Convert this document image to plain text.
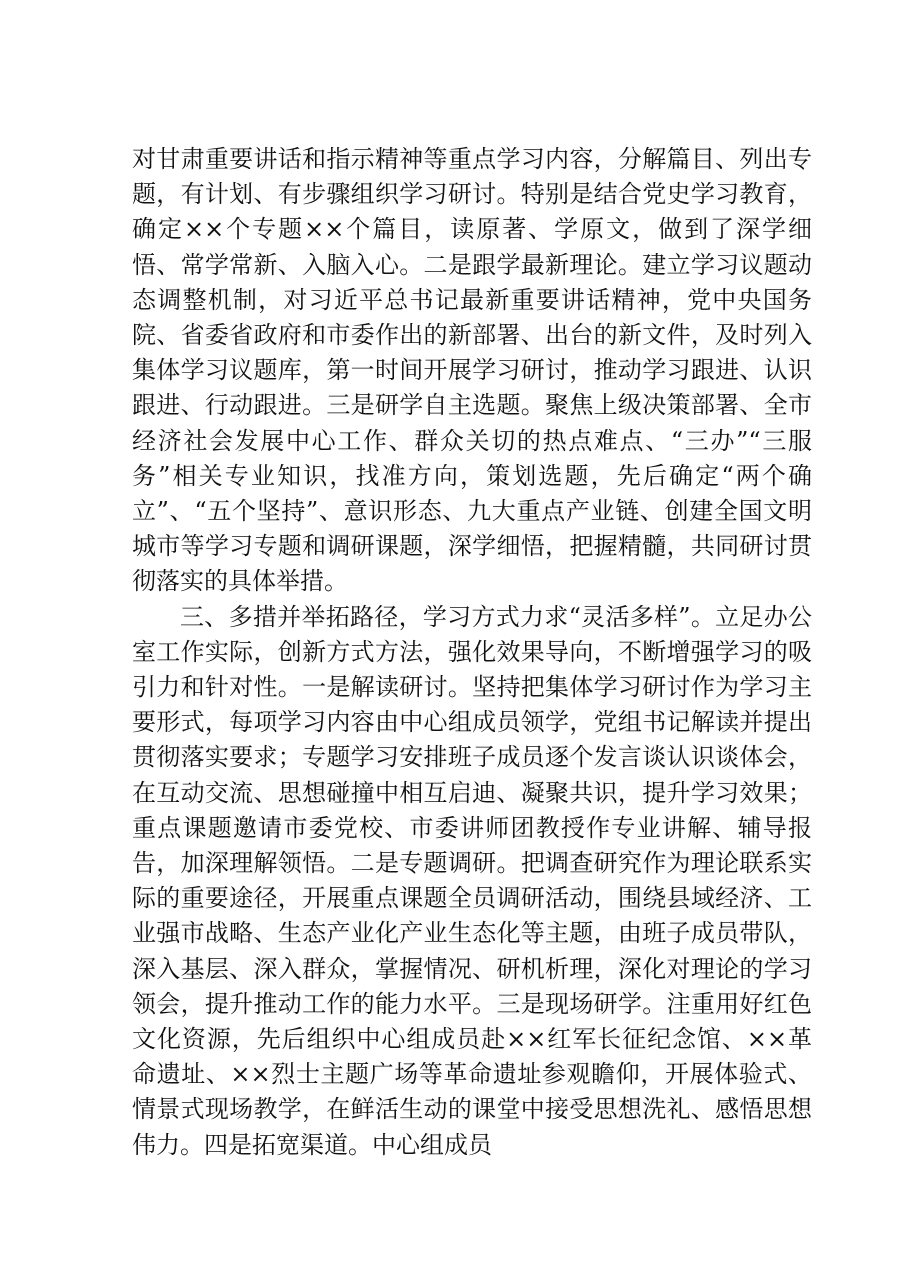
对甘肃重要讲话和指示精神等重点学习内容，分解篇目、列出专题，有计划、有步骤组织学习研讨。特别是结合党史学习教育，确定××个专题××个篇目，读原著、学原文，做到了深学细悟、常学常新、入脑入心。二是跟学最新理论。建立学习议题动态调整机制，对习近平总书记最新重要讲话精神，党中央国务院、省委省政府和市委作出的新部署、出台的新文件，及时列入集体学习议题库，第一时间开展学习研讨，推动学习跟进、认识跟进、行动跟进。三是研学自主选题。聚焦上级决策部署、全市经济社会发展中心工作、群众关切的热点难点、“三办”“三服务”相关专业知识，找准方向，策划选题，先后确定“两个确立”、“五个坚持”、意识形态、九大重点产业链、创建全国文明城市等学习专题和调研课题，深学细悟，把握精髓，共同研讨贯彻落实的具体举措。

三、多措并举拓路径，学习方式力求“灵活多样”。立足办公室工作实际，创新方式方法，强化效果导向，不断增强学习的吸引力和针对性。一是解读研讨。坚持把集体学习研讨作为学习主要形式，每项学习内容由中心组成员领学，党组书记解读并提出贯彻落实要求；专题学习安排班子成员逐个发言谈认识谈体会，在互动交流、思想碰撞中相互启迪、凝聚共识，提升学习效果；重点课题邀请市委党校、市委讲师团教授作专业讲解、辅导报告，加深理解领悟。二是专题调研。把调查研究作为理论联系实际的重要途径，开展重点课题全员调研活动，围绕县域经济、工业强市战略、生态产业化产业生态化等主题，由班子成员带队，深入基层、深入群众，掌握情况、研机析理，深化对理论的学习领会，提升推动工作的能力水平。三是现场研学。注重用好红色文化资源，先后组织中心组成员赴××红军长征纪念馆、××革命遗址、××烈士主题广场等革命遗址参观瞻仰，开展体验式、情景式现场教学，在鲜活生动的课堂中接受思想洗礼、感悟思想伟力。四是拓宽渠道。中心组成员
